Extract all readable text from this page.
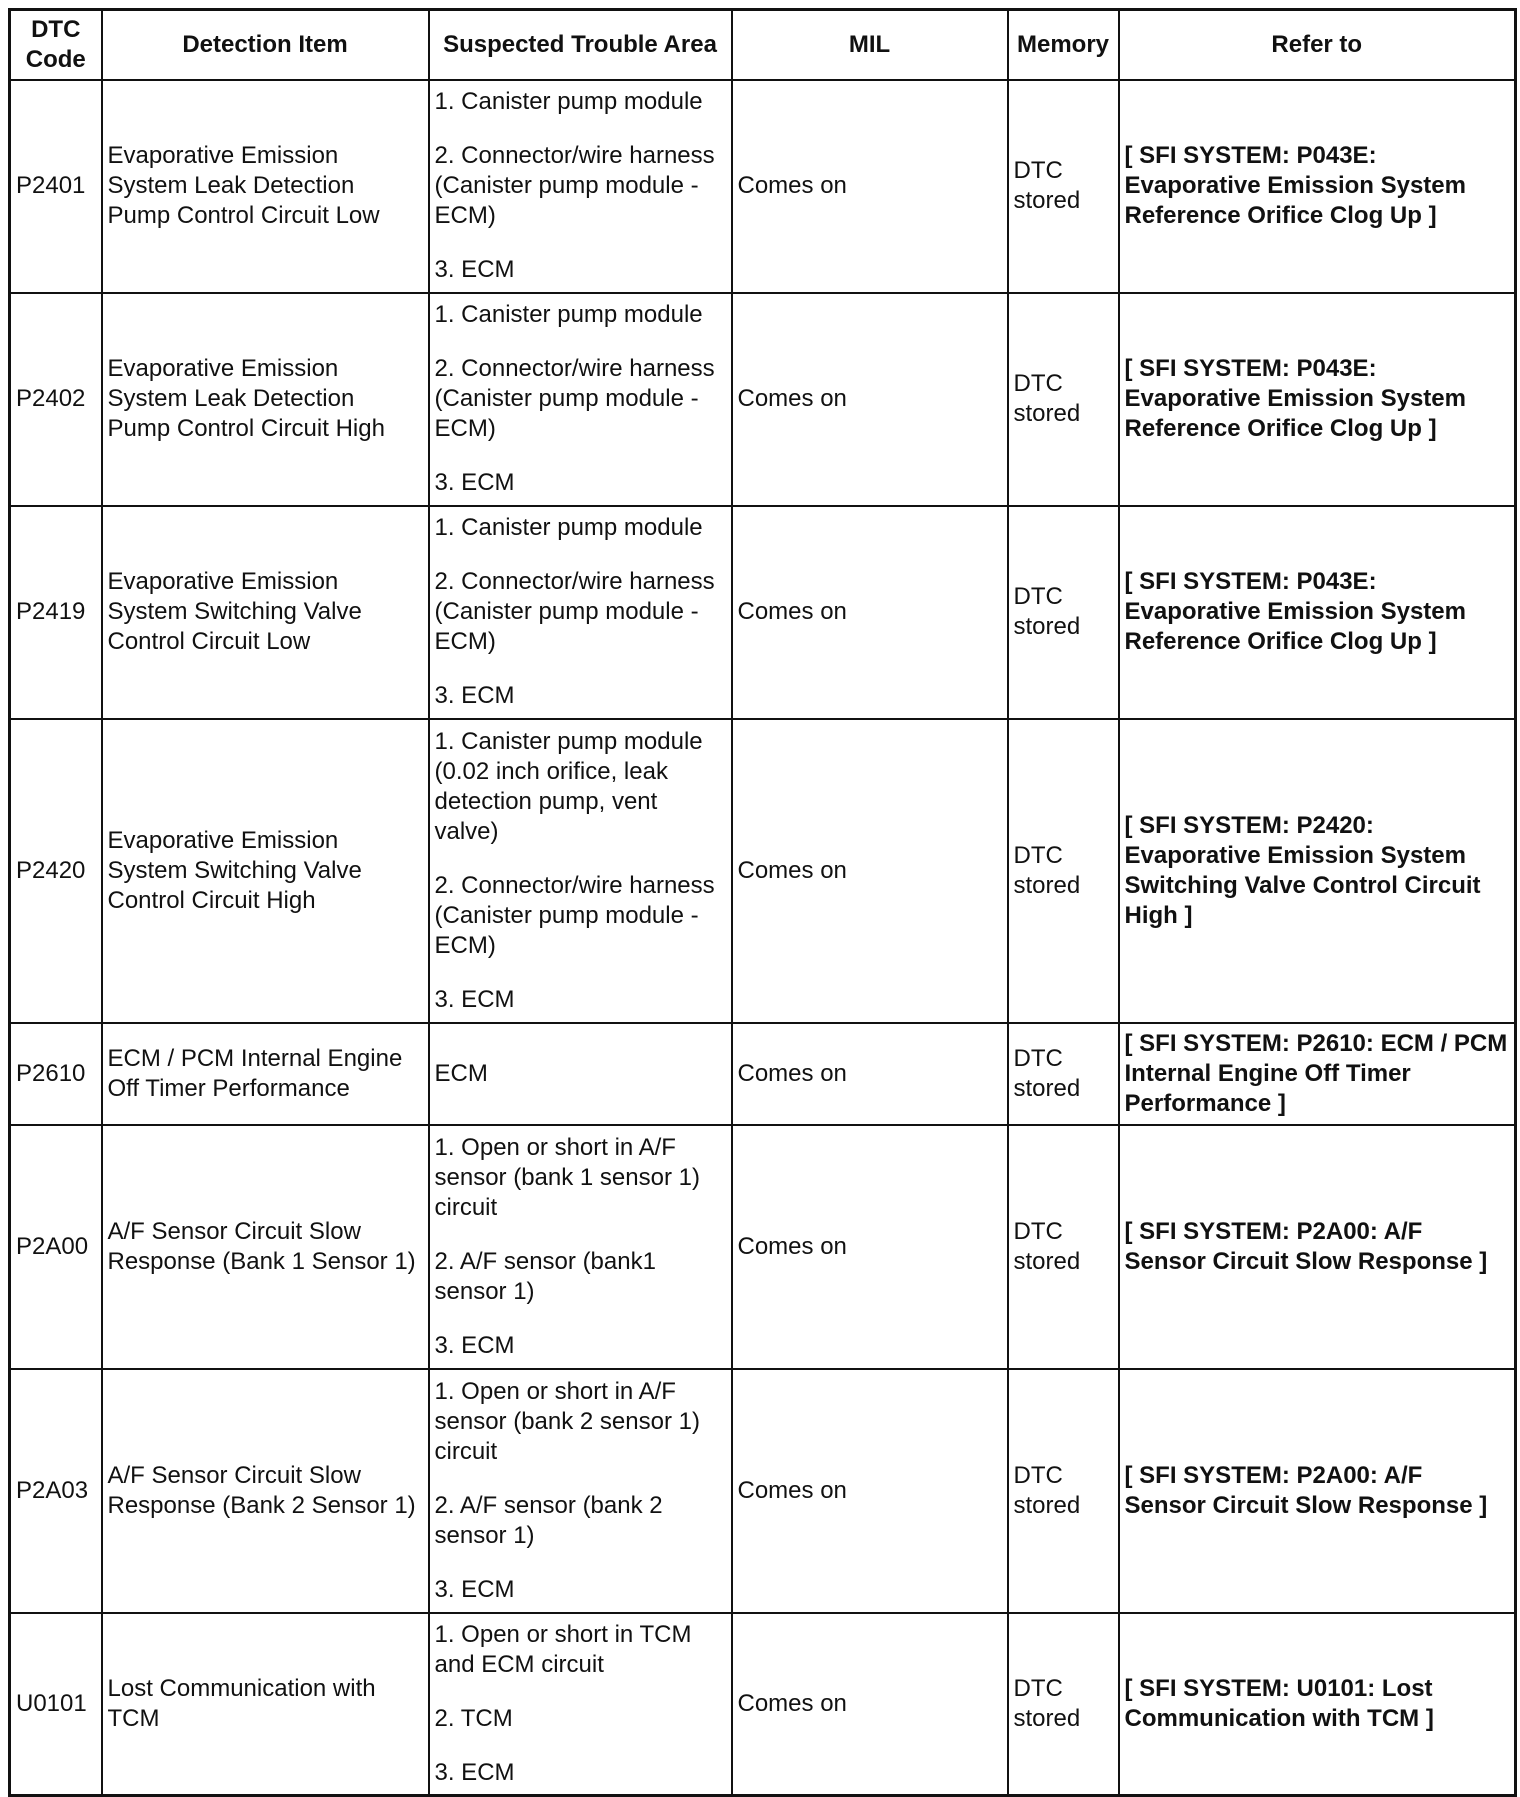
DTC Code	Detection Item	Suspected Trouble Area	MIL	Memory	Refer to
P2401	Evaporative Emission System Leak Detection Pump Control Circuit Low	1. Canister pump module

2. Connector/wire harness (Canister pump module - ECM)

3. ECM	Comes on	DTC stored	[ SFI SYSTEM: P043E: Evaporative Emission System Reference Orifice Clog Up ]
P2402	Evaporative Emission System Leak Detection Pump Control Circuit High	1. Canister pump module

2. Connector/wire harness (Canister pump module - ECM)

3. ECM	Comes on	DTC stored	[ SFI SYSTEM: P043E: Evaporative Emission System Reference Orifice Clog Up ]
P2419	Evaporative Emission System Switching Valve Control Circuit Low	1. Canister pump module

2. Connector/wire harness (Canister pump module - ECM)

3. ECM	Comes on	DTC stored	[ SFI SYSTEM: P043E: Evaporative Emission System Reference Orifice Clog Up ]
P2420	Evaporative Emission System Switching Valve Control Circuit High	1. Canister pump module (0.02 inch orifice, leak detection pump, vent valve)

2. Connector/wire harness (Canister pump module - ECM)

3. ECM	Comes on	DTC stored	[ SFI SYSTEM: P2420: Evaporative Emission System Switching Valve Control Circuit High ]
P2610	ECM / PCM Internal Engine Off Timer Performance	ECM	Comes on	DTC stored	[ SFI SYSTEM: P2610: ECM / PCM Internal Engine Off Timer Performance ]
P2A00	A/F Sensor Circuit Slow Response (Bank 1 Sensor 1)	1. Open or short in A/F sensor (bank 1 sensor 1) circuit

2. A/F sensor (bank1 sensor 1)

3. ECM	Comes on	DTC stored	[ SFI SYSTEM: P2A00: A/F Sensor Circuit Slow Response ]
P2A03	A/F Sensor Circuit Slow Response (Bank 2 Sensor 1)	1. Open or short in A/F sensor (bank 2 sensor 1) circuit

2. A/F sensor (bank 2 sensor 1)

3. ECM	Comes on	DTC stored	[ SFI SYSTEM: P2A00: A/F Sensor Circuit Slow Response ]
U0101	Lost Communication with TCM	1. Open or short in TCM and ECM circuit

2. TCM

3. ECM	Comes on	DTC stored	[ SFI SYSTEM: U0101: Lost Communication with TCM ]
